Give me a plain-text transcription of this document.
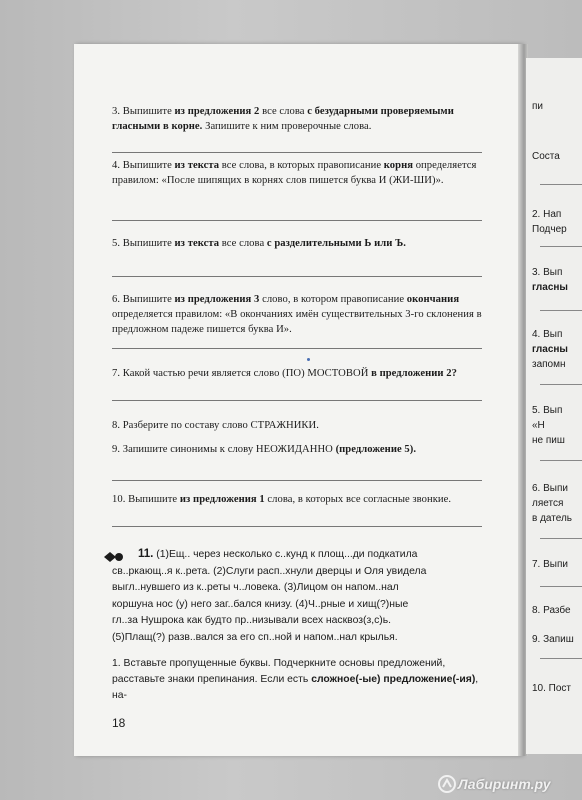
пи
Соста
2. Нап
Подчер
3. Вып
гласны
4. Вып
гласны
запомн
5. Вып
«Н
не пиш
6. Выпи
ляется
в датель
7. Выпи
8. Разбе
9. Запиш
10. Пост
3. Выпишите из предложения 2 все слова с безударными проверяемыми гласными в корне. Запишите к ним проверочные слова.
4. Выпишите из текста все слова, в которых правописание корня определяется правилом: «После шипящих в корнях слов пишется буква И (ЖИ-ШИ)».
5. Выпишите из текста все слова с разделительными Ь или Ъ.
6. Выпишите из предложения 3 слово, в котором правописание окончания определяется правилом: «В окончаниях имён существительных 3-го склонения в предложном падеже пишется буква И».
7. Какой частью речи является слово (ПО) МОСТОВОЙ в предложении 2?
8. Разберите по составу слово СТРАЖНИКИ.
9. Запишите синонимы к слову НЕОЖИДАННО (предложение 5).
10. Выпишите из предложения 1 слова, в которых все согласные звонкие.
11. (1)Ещ.. через несколько с..кунд к площ...ди подкатила
св..ркающ..я к..рета. (2)Слуги расп..хнули дверцы и Оля увидела
выгл..нувшего из к..реты ч..ловека. (3)Лицом он напом..нал
коршуна нос (у) него заг..бался книзу. (4)Ч..рные и хищ(?)ные
гл..за Нушрока как будто пр..низывали всех насквоз(з,с)ь.
(5)Плащ(?) разв..вался за его сп..ной и напом..нал крылья.
1. Вставьте пропущенные буквы. Подчеркните основы предложений, расставьте знаки препинания. Если есть сложное(-ые) предложение(-ия), на-
18
Лабиринт.ру
